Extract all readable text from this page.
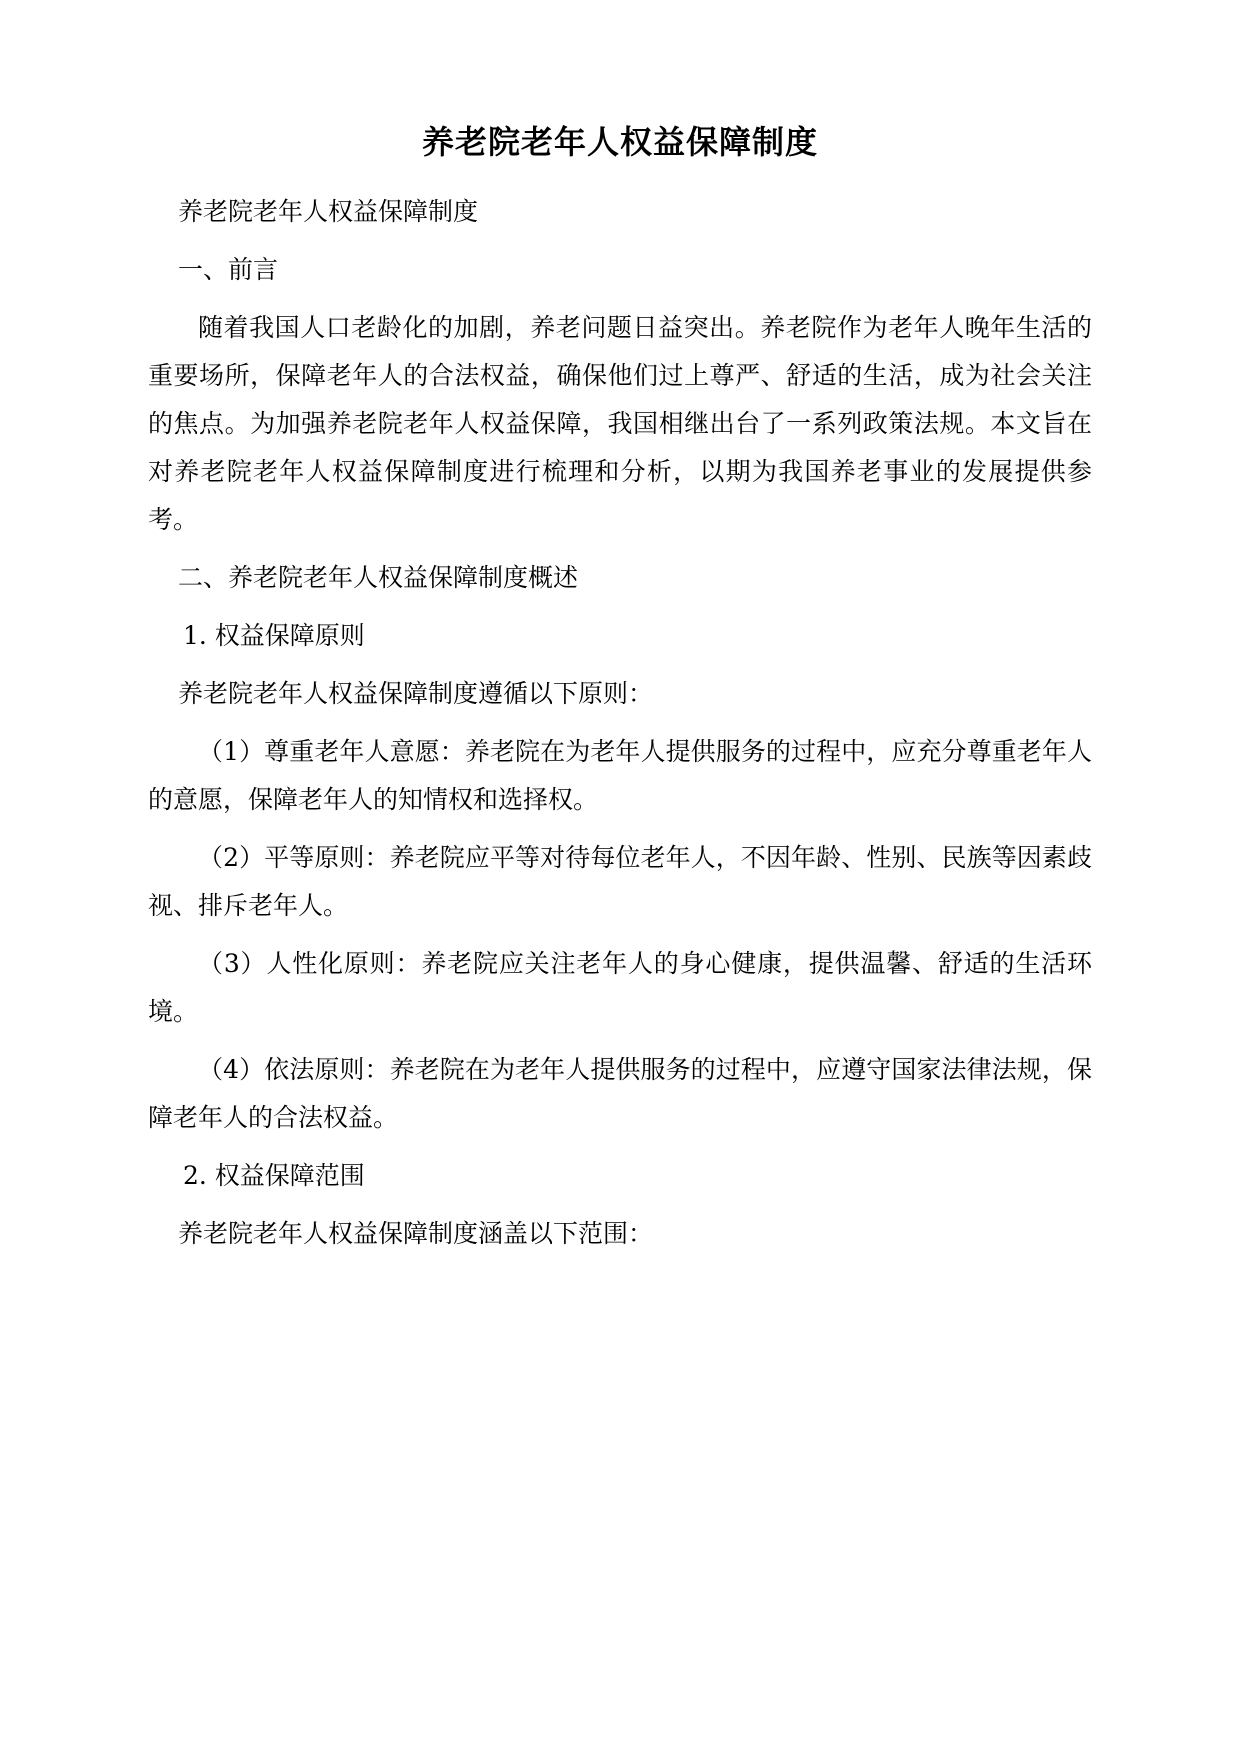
养老院老年人权益保障制度

养老院老年人权益保障制度

一、前言

随着我国人口老龄化的加剧，养老问题日益突出。养老院作为老年人晚年生活的重要场所，保障老年人的合法权益，确保他们过上尊严、舒适的生活，成为社会关注的焦点。为加强养老院老年人权益保障，我国相继出台了一系列政策法规。本文旨在对养老院老年人权益保障制度进行梳理和分析，以期为我国养老事业的发展提供参考。

二、养老院老年人权益保障制度概述

1. 权益保障原则

养老院老年人权益保障制度遵循以下原则：

（1）尊重老年人意愿：养老院在为老年人提供服务的过程中，应充分尊重老年人的意愿，保障老年人的知情权和选择权。

（2）平等原则：养老院应平等对待每位老年人，不因年龄、性别、民族等因素歧视、排斥老年人。

（3）人性化原则：养老院应关注老年人的身心健康，提供温馨、舒适的生活环境。

（4）依法原则：养老院在为老年人提供服务的过程中，应遵守国家法律法规，保障老年人的合法权益。

2. 权益保障范围

养老院老年人权益保障制度涵盖以下范围：
